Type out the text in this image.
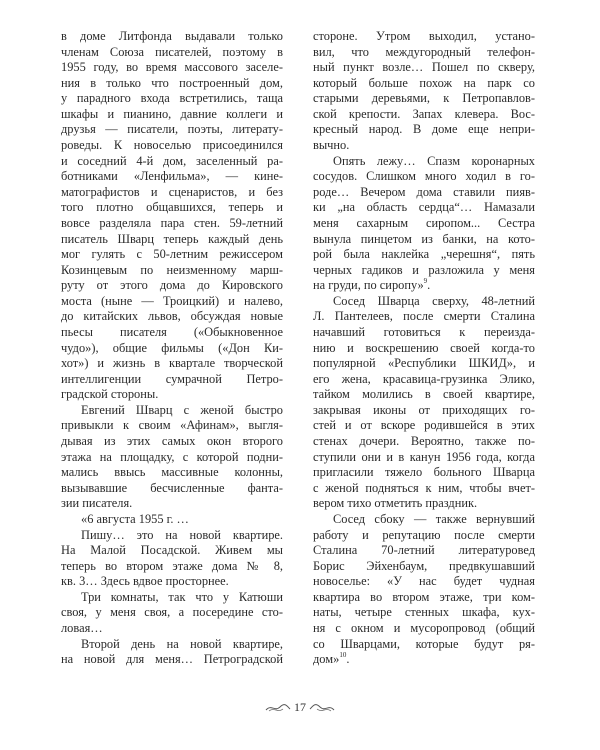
в доме Литфонда выдавали только
членам Союза писателей, поэтому в
1955 году, во время массового заселе-
ния в только что построенный дом,
у парадного входа встретились, таща
шкафы и пианино, давние коллеги и
друзья — писатели, поэты, литерату-
роведы. К новоселью присоединился
и соседний 4-й дом, заселенный ра-
ботниками «Ленфильма», — кине-
матографистов и сценаристов, и без
того плотно общавшихся, теперь и
вовсе разделяла пара стен. 59-летний
писатель Шварц теперь каждый день
мог гулять с 50-летним режиссером
Козинцевым по неизменному марш-
руту от этого дома до Кировского
моста (ныне — Троицкий) и налево,
до китайских львов, обсуждая новые
пьесы писателя («Обыкновенное
чудо»), общие фильмы («Дон Ки-
хот») и жизнь в квартале творческой
интеллигенции сумрачной Петро-
градской стороны.
Евгений Шварц с женой быстро
привыкли к своим «Афинам», выгля-
дывая из этих самых окон второго
этажа на площадку, с которой подни-
мались ввысь массивные колонны,
вызывавшие бесчисленные фанта-
зии писателя.
«6 августа 1955 г. …
Пишу… это на новой квартире.
На Малой Посадской. Живем мы
теперь во втором этаже дома № 8,
кв. 3… Здесь вдвое просторнее.
Три комнаты, так что у Катюши
своя, у меня своя, а посередине сто-
ловая…
Второй день на новой квартире,
на новой для меня… Петроградской
стороне. Утром выходил, устано-
вил, что междугородный телефон-
ный пункт возле… Пошел по скверу,
который больше похож на парк со
старыми деревьями, к Петропавлов-
ской крепости. Запах клевера. Вос-
кресный народ. В доме еще непри-
вычно.
Опять лежу… Спазм коронарных
сосудов. Слишком много ходил в го-
роде… Вечером дома ставили пияв-
ки „на область сердца“… Намазали
меня сахарным сиропом... Сестра
вынула пинцетом из банки, на кото-
рой была наклейка „черешня“, пять
черных гадиков и разложила у меня
на груди, по сиропу»$^9$.
Сосед Шварца сверху, 48-летний
Л. Пантелеев, после смерти Сталина
начавший готовиться к переизда-
нию и воскрешению своей когда-то
популярной «Республики ШКИД», и
его жена, красавица-грузинка Элико,
тайком молились в своей квартире,
закрывая иконы от приходящих го-
стей и от вскоре родившейся в этих
стенах дочери. Вероятно, также по-
ступили они и в канун 1956 года, когда
пригласили тяжело больного Шварца
с женой подняться к ним, чтобы вчет-
вером тихо отметить праздник.
Сосед сбоку — также вернувший
работу и репутацию после смерти
Сталина 70-летний литературовед
Борис Эйхенбаум, предвкушавший
новоселье: «У нас будет чудная
квартира во втором этаже, три ком-
наты, четыре стенных шкафа, кух-
ня с окном и мусоропровод (общий
со Шварцами, которые будут ря-
дом»$^{10}$.
17
